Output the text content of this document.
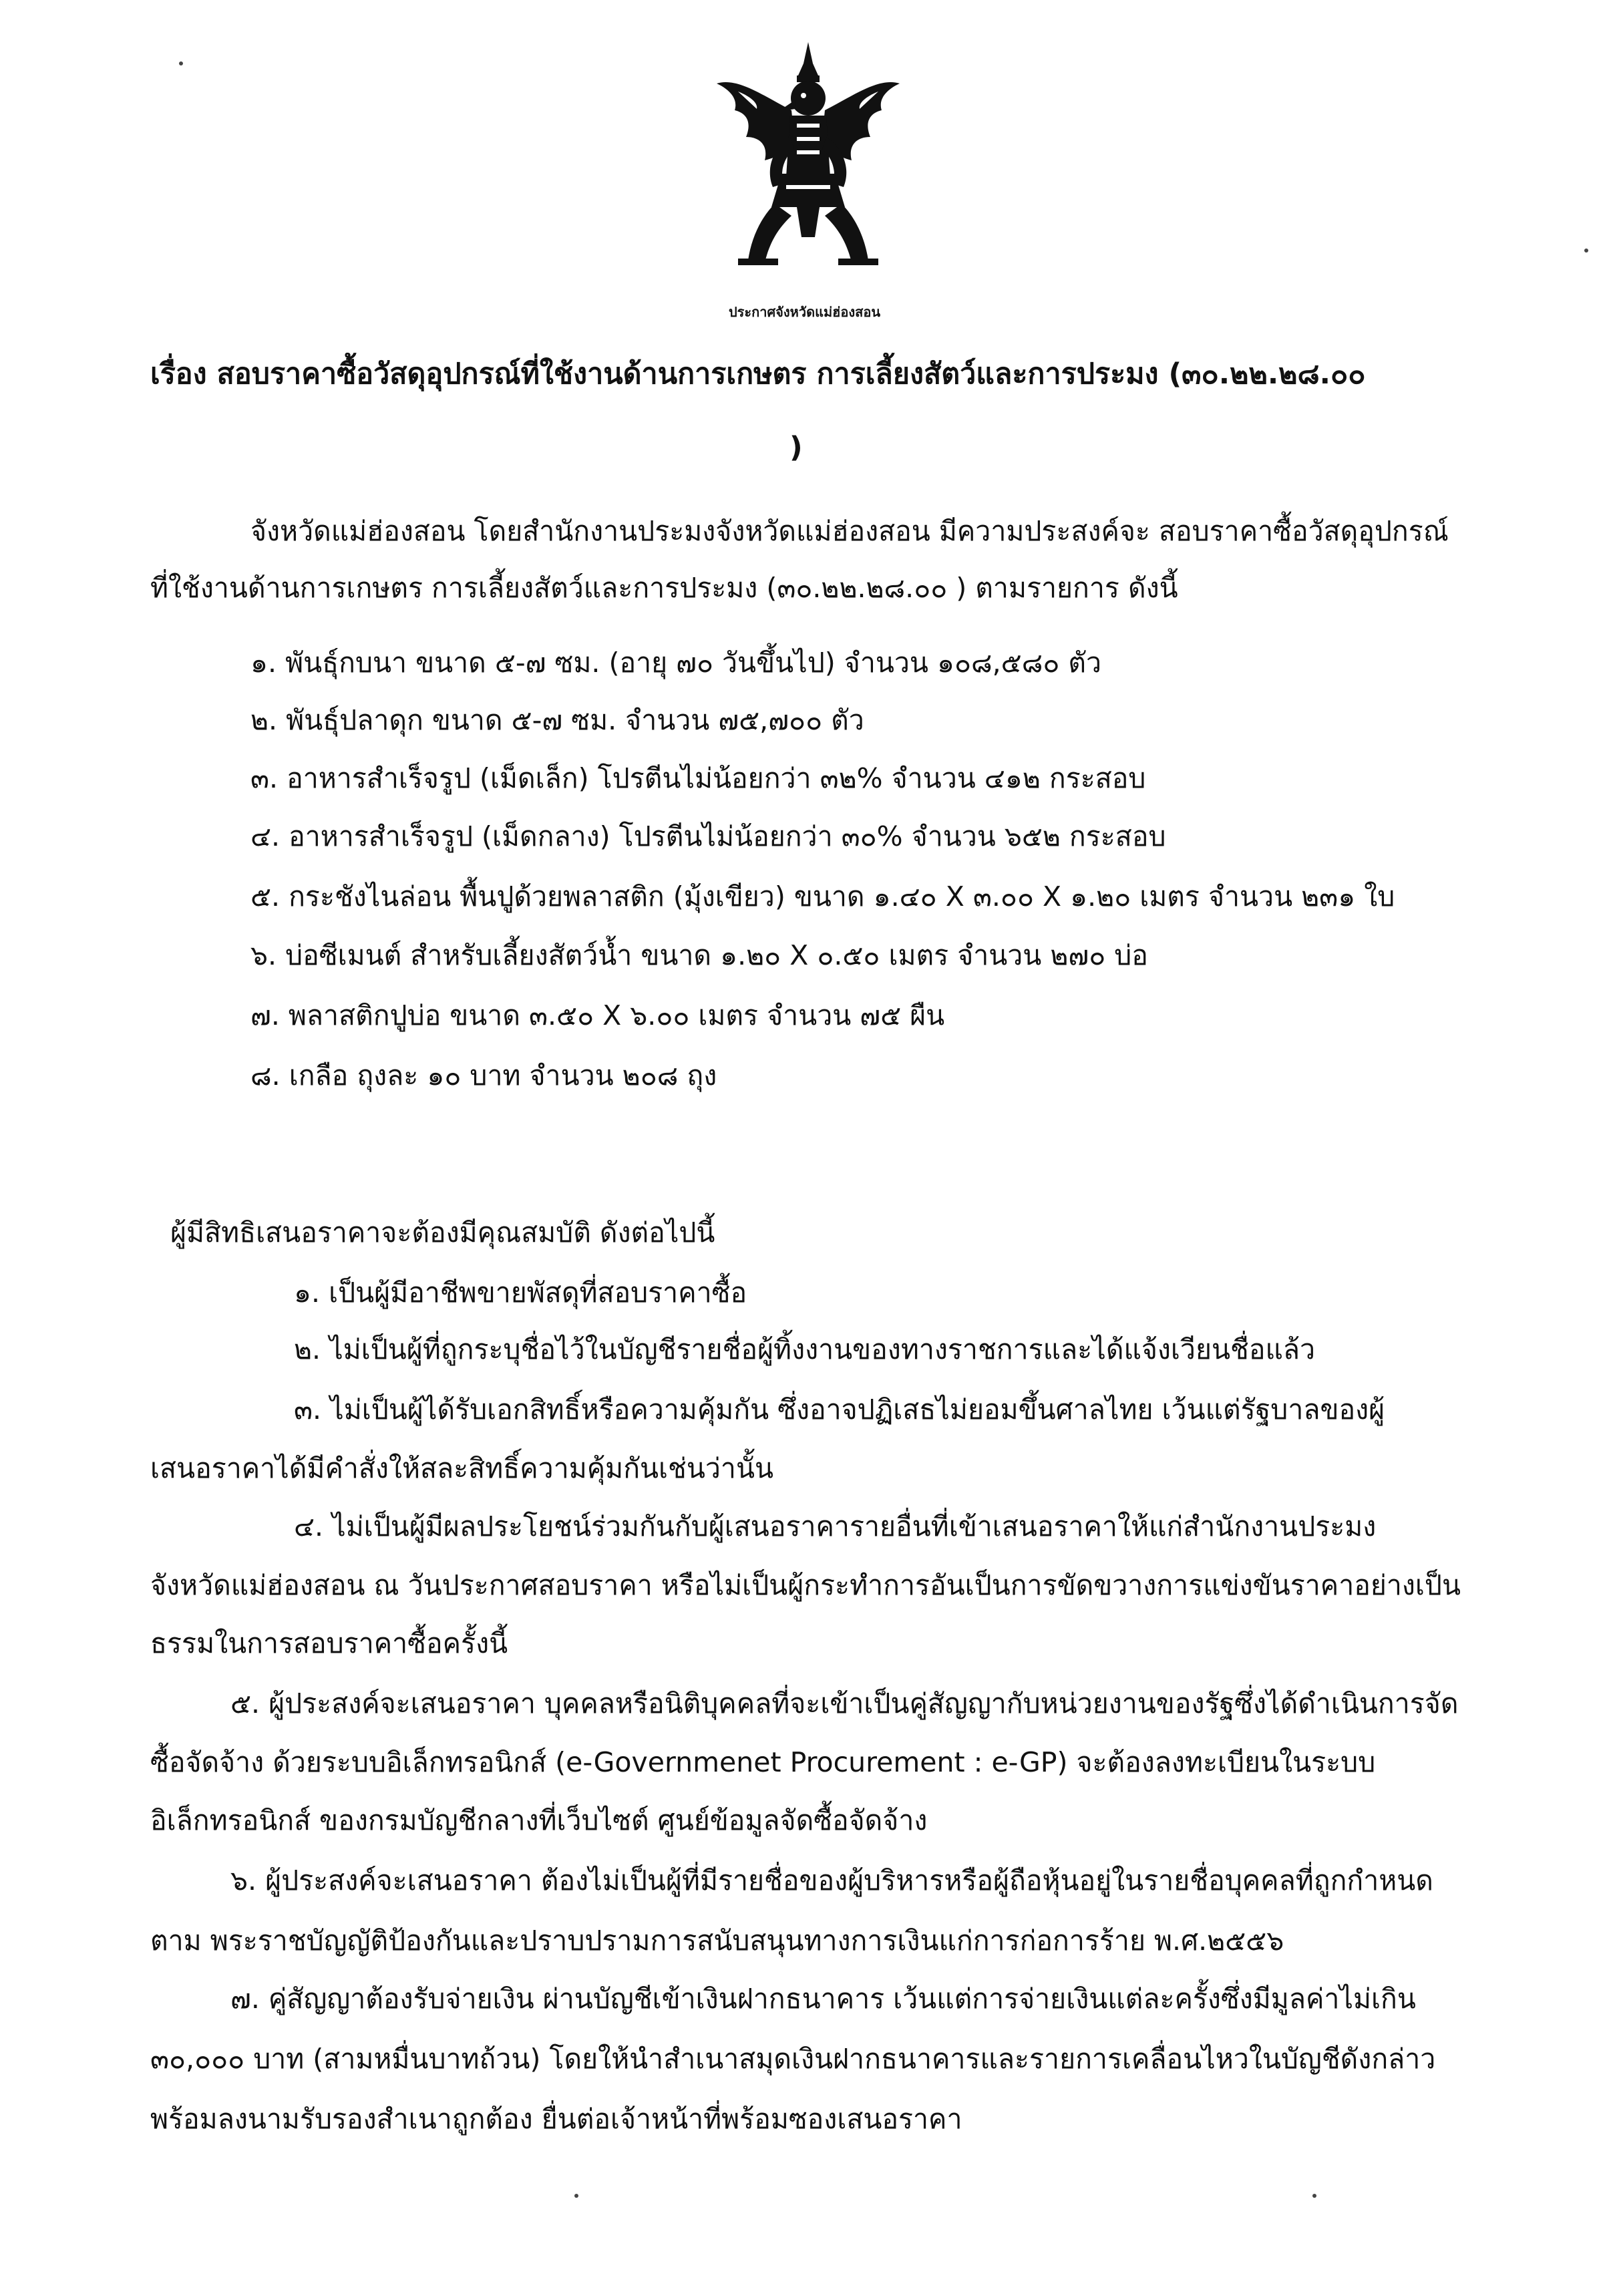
ประกาศจังหวัดแม่ฮ่องสอน
เรื่อง สอบราคาซื้อวัสดุอุปกรณ์ที่ใช้งานด้านการเกษตร การเลี้ยงสัตว์และการประมง (๓๐.๒๒.๒๘.๐๐
)
จังหวัดแม่ฮ่องสอน โดยสำนักงานประมงจังหวัดแม่ฮ่องสอน มีความประสงค์จะ สอบราคาซื้อวัสดุอุปกรณ์
ที่ใช้งานด้านการเกษตร การเลี้ยงสัตว์และการประมง (๓๐.๒๒.๒๘.๐๐ ) ตามรายการ ดังนี้
๑. พันธุ์กบนา ขนาด ๕-๗ ซม. (อายุ ๗๐ วันขึ้นไป) จำนวน ๑๐๘,๕๘๐ ตัว
๒. พันธุ์ปลาดุก ขนาด ๕-๗ ซม. จำนวน ๗๕,๗๐๐ ตัว
๓. อาหารสำเร็จรูป (เม็ดเล็ก) โปรตีนไม่น้อยกว่า ๓๒% จำนวน ๔๑๒ กระสอบ
๔. อาหารสำเร็จรูป (เม็ดกลาง) โปรตีนไม่น้อยกว่า ๓๐% จำนวน ๖๕๒ กระสอบ
๕. กระชังไนล่อน พื้นปูด้วยพลาสติก (มุ้งเขียว) ขนาด ๑.๔๐ X ๓.๐๐ X ๑.๒๐ เมตร จำนวน ๒๓๑ ใบ
๖. บ่อซีเมนต์ สำหรับเลี้ยงสัตว์น้ำ ขนาด ๑.๒๐ X ๐.๕๐ เมตร จำนวน ๒๗๐ บ่อ
๗. พลาสติกปูบ่อ ขนาด ๓.๕๐ X ๖.๐๐ เมตร จำนวน ๗๕ ผืน
๘. เกลือ ถุงละ ๑๐ บาท จำนวน ๒๐๘ ถุง
ผู้มีสิทธิเสนอราคาจะต้องมีคุณสมบัติ ดังต่อไปนี้
๑. เป็นผู้มีอาชีพขายพัสดุที่สอบราคาซื้อ
๒. ไม่เป็นผู้ที่ถูกระบุชื่อไว้ในบัญชีรายชื่อผู้ทิ้งงานของทางราชการและได้แจ้งเวียนชื่อแล้ว
๓. ไม่เป็นผู้ได้รับเอกสิทธิ์หรือความคุ้มกัน ซึ่งอาจปฏิเสธไม่ยอมขึ้นศาลไทย เว้นแต่รัฐบาลของผู้
เสนอราคาได้มีคำสั่งให้สละสิทธิ์ความคุ้มกันเช่นว่านั้น
๔. ไม่เป็นผู้มีผลประโยชน์ร่วมกันกับผู้เสนอราคารายอื่นที่เข้าเสนอราคาให้แก่สำนักงานประมง
จังหวัดแม่ฮ่องสอน ณ วันประกาศสอบราคา หรือไม่เป็นผู้กระทำการอันเป็นการขัดขวางการแข่งขันราคาอย่างเป็น
ธรรมในการสอบราคาซื้อครั้งนี้
๕. ผู้ประสงค์จะเสนอราคา บุคคลหรือนิติบุคคลที่จะเข้าเป็นคู่สัญญากับหน่วยงานของรัฐซึ่งได้ดำเนินการจัด
ซื้อจัดจ้าง ด้วยระบบอิเล็กทรอนิกส์ (e-Governmenet Procurement : e-GP) จะต้องลงทะเบียนในระบบ
อิเล็กทรอนิกส์ ของกรมบัญชีกลางที่เว็บไซต์ ศูนย์ข้อมูลจัดซื้อจัดจ้าง
๖. ผู้ประสงค์จะเสนอราคา ต้องไม่เป็นผู้ที่มีรายชื่อของผู้บริหารหรือผู้ถือหุ้นอยู่ในรายชื่อบุคคลที่ถูกกำหนด
ตาม พระราชบัญญัติป้องกันและปราบปรามการสนับสนุนทางการเงินแก่การก่อการร้าย พ.ศ.๒๕๕๖
๗. คู่สัญญาต้องรับจ่ายเงิน ผ่านบัญชีเข้าเงินฝากธนาคาร เว้นแต่การจ่ายเงินแต่ละครั้งซึ่งมีมูลค่าไม่เกิน
๓๐,๐๐๐ บาท (สามหมื่นบาทถ้วน) โดยให้นำสำเนาสมุดเงินฝากธนาคารและรายการเคลื่อนไหวในบัญชีดังกล่าว
พร้อมลงนามรับรองสำเนาถูกต้อง ยื่นต่อเจ้าหน้าที่พร้อมซองเสนอราคา
